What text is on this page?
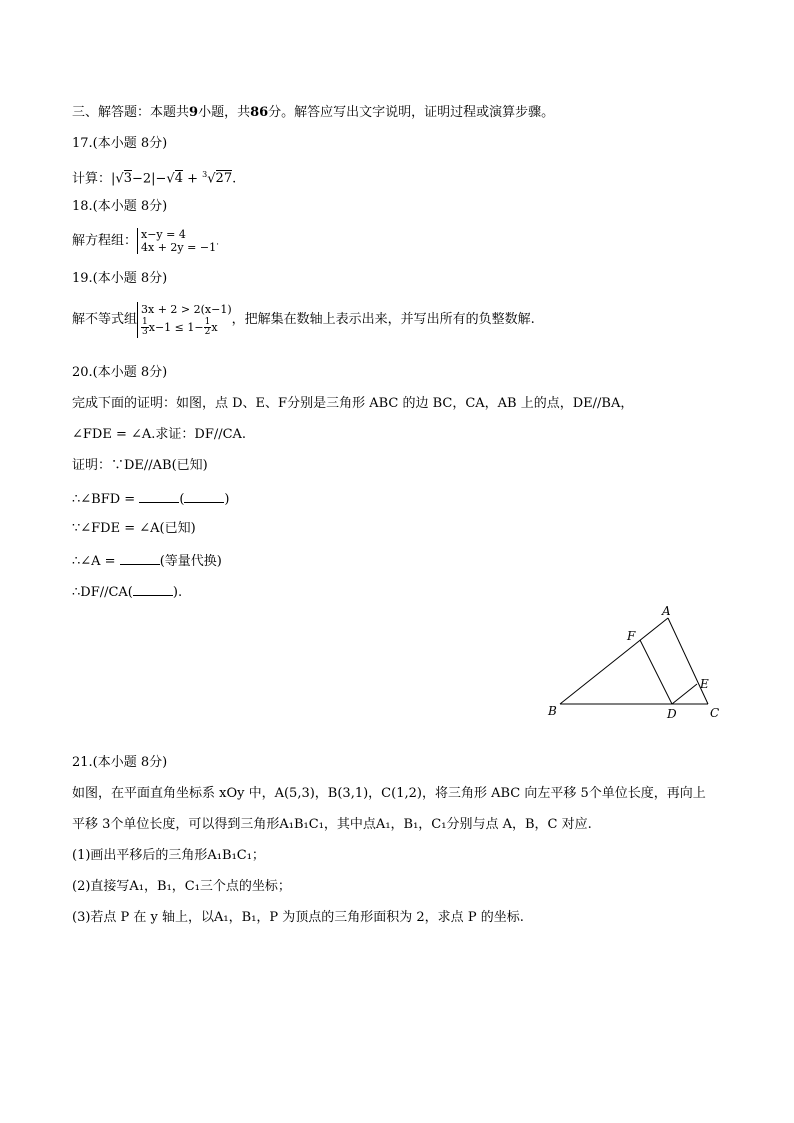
三、解答题：本题共9小题，共86分。解答应写出文字说明，证明过程或演算步骤。
17.(本小题 8分)
计算：|√3−2|−√4 + $^3$√27.
18.(本小题 8分)
解方程组： x−y = 4
4x + 2y = −1 .
19.(本小题 8分)
解不等式组
3x + 2 > 2(x−1)
$\frac{1}{3} x-1 \le 1- \frac{1}{2}$ x	，把解集在数轴上表示出来，并写出所有的负整数解.
20.(本小题 8分)
完成下面的证明：如图，点 D、E、F分别是三角形 ABC 的边 BC，CA，AB 上的点，DE//BA，
∠FDE = ∠A.求证：DF//CA.
证明：∵DE//AB(已知)
∴∠BFD =	(	)
∵∠FDE = ∠A(已知)
∴∠A =	(等量代换)
∴DF//CA(	).
A
B	C
D
E
F
21.(本小题 8分)
如图，在平面直角坐标系 xOy 中，A(5,3)，B(3,1)，C(1,2)，将三角形 ABC 向左平移 5个单位长度，再向上
平移 3个单位长度，可以得到三角形A₁B₁C₁，其中点A₁，B₁，C₁分别与点 A，B，C 对应.
(1)画出平移后的三角形A₁B₁C₁；
(2)直接写A₁，B₁，C₁三个点的坐标；
(3)若点 P 在 y 轴上，以A₁，B₁，P 为顶点的三角形面积为 2，求点 P 的坐标.
